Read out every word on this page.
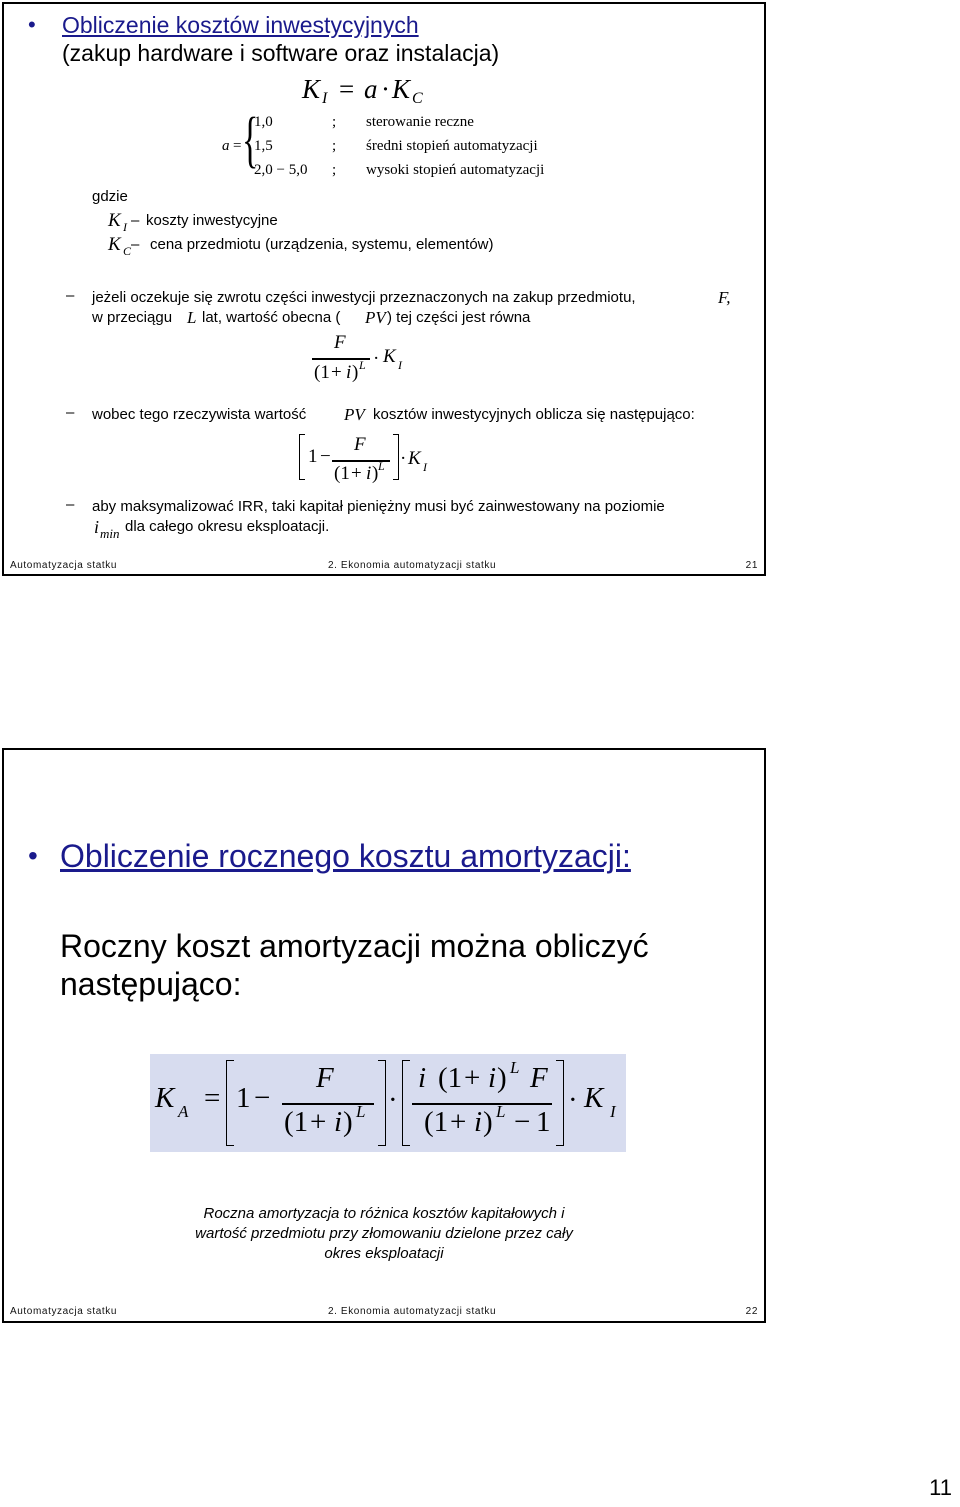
• Obliczenie kosztów inwestycyjnych
(zakup hardware i software oraz instalacja)
K I = a · K C
a = {
1,0	; sterowanie reczne
1,5	; średni stopień automatyzacji
2,0 − 5,0 ; wysoki stopień automatyzacji
gdzie
K I – koszty inwestycyjne
K C – cena przedmiotu (urządzenia, systemu, elementów)
– jeżeli oczekuje się zwrotu części inwestycji przeznaczonych na zakup przedmiotu,	F,
w przeciągu L lat, wartość obecna ( PV ) tej części jest równa
F
(1 + i ) L · K I
– wobec tego rzeczywista wartość PV kosztów inwestycyjnych oblicza się następująco:
1 −
F
(1 + i ) L · K I
– aby maksymalizować IRR, taki kapitał pieniężny musi być zainwestowany na poziomie
i min dla całego okresu eksploatacji.
Automatyzacja statku	2. Ekonomia automatyzacji statku	21
• Obliczenie rocznego kosztu amortyzacji:
Roczny koszt amortyzacji można obliczyć
następująco:
K A = 1 −
F
(1 + i ) L ·
i (1 + i ) L F
(1 + i ) L − 1
· K I
Roczna amortyzacja to różnica kosztów kapitałowych i
wartość przedmiotu przy złomowaniu dzielone przez cały
okres eksploatacji
Automatyzacja statku	2. Ekonomia automatyzacji statku	22
11
